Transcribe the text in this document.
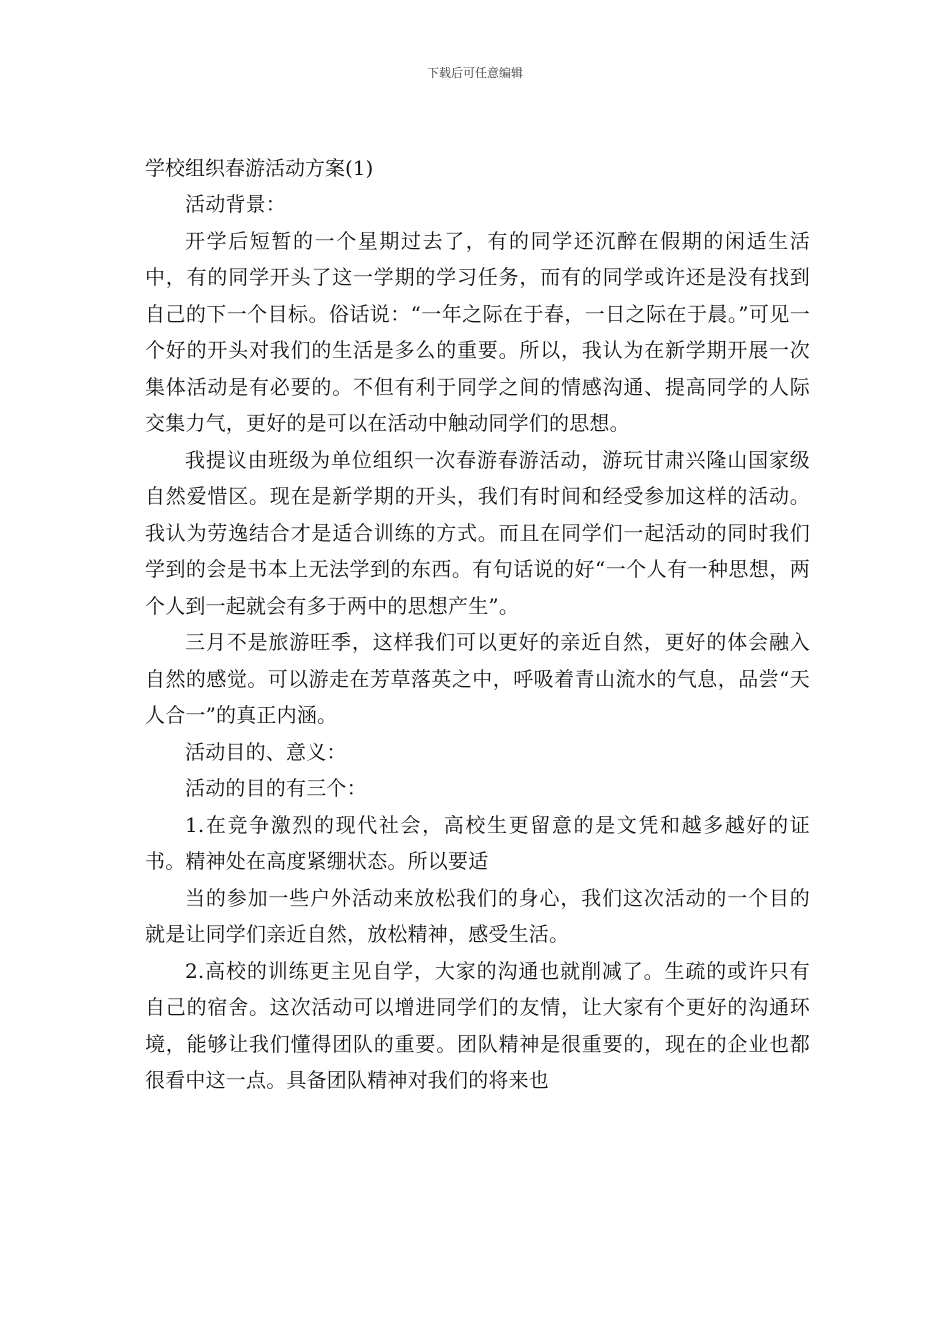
下载后可任意编辑

学校组织春游活动方案(1)

活动背景：

开学后短暂的一个星期过去了，有的同学还沉醉在假期的闲适生活中，有的同学开头了这一学期的学习任务，而有的同学或许还是没有找到自己的下一个目标。俗话说：“一年之际在于春，一日之际在于晨。”可见一个好的开头对我们的生活是多么的重要。所以，我认为在新学期开展一次集体活动是有必要的。不但有利于同学之间的情感沟通、提高同学的人际交集力气，更好的是可以在活动中触动同学们的思想。

我提议由班级为单位组织一次春游春游活动，游玩甘肃兴隆山国家级自然爱惜区。现在是新学期的开头，我们有时间和经受参加这样的活动。我认为劳逸结合才是适合训练的方式。而且在同学们一起活动的同时我们学到的会是书本上无法学到的东西。有句话说的好“一个人有一种思想，两个人到一起就会有多于两中的思想产生”。

三月不是旅游旺季，这样我们可以更好的亲近自然，更好的体会融入自然的感觉。可以游走在芳草落英之中，呼吸着青山流水的气息，品尝“天人合一”的真正内涵。

活动目的、意义：

活动的目的有三个：

1.在竞争激烈的现代社会，高校生更留意的是文凭和越多越好的证书。精神处在高度紧绷状态。所以要适

当的参加一些户外活动来放松我们的身心，我们这次活动的一个目的就是让同学们亲近自然，放松精神，感受生活。

2.高校的训练更主见自学，大家的沟通也就削减了。生疏的或许只有自己的宿舍。这次活动可以增进同学们的友情，让大家有个更好的沟通环境，能够让我们懂得团队的重要。团队精神是很重要的，现在的企业也都很看中这一点。具备团队精神对我们的将来也
